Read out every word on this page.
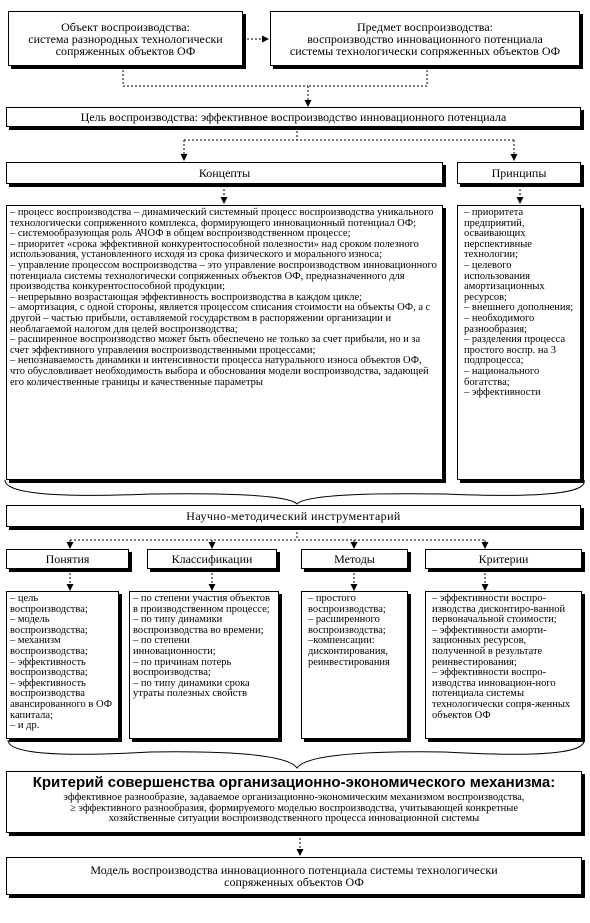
Объект воспроизводства:
система разнородных технологически
сопряженных объектов ОФ
Предмет воспроизводства:
воспроизводство инновационного потенциала
системы технологически сопряженных объектов ОФ
Цель воспроизводства: эффективное воспроизводство инновационного потенциала
Концепты	Принципы
– процесс воспроизводства – динамический системный процесс воспроизводства уникального технологически сопряженного комплекса, формирующего инновационный потенциал ОФ;
– системообразующая роль АЧОФ в общем воспроизводственном процессе;
– приоритет «срока эффективной конкурентоспособной полезности» над сроком полезного использования, установленного исходя из срока физического и морального износа;
– управление процессом воспроизводства – это управление воспроизводством инновационного потенциала системы технологически сопряженных объектов ОФ, предназначенного для производства конкурентоспособной продукции;
– непрерывно возрастающая эффективность воспроизводства в каждом цикле;
– амортизация, с одной стороны, является процессом списания стоимости на объекты ОФ, а с другой – частью прибыли, оставляемой государством в распоряжении организации и необлагаемой налогом для целей воспроизводства;
– расширенное воспроизводство может быть обеспечено не только за счет прибыли, но и за счет эффективного управления воспроизводственными процессами;
– непознаваемость динамики и интенсивности процесса натурального износа объектов ОФ, что обусловливает необходимость выбора и обоснования модели воспроизводства, задающей его количественные границы и качественные параметры
– приоритета предприятий, осваивающих перспективные технологии;
– целевого использования амортизационных ресурсов;
– внешнего дополнения;
– необходимого разнообразия;
– разделения процесса простого воспр. на 3 подпроцесса;
– национального богатства;
– эффективности
Научно-методический инструментарий
Понятия	Классификации	Методы	Критерии
– цель воспроизводства;
– модель воспроизводства;
– механизм воспроизводства;
– эффективность воспроизводства;
– эффективность воспроизводства авансированного в ОФ капитала;
– и др.
– по степени участия объектов в производственном процессе;
– по типу динамики воспроизводства во времени;
– по степени инновационности;
– по причинам потерь воспроизводства;
– по типу динамики срока утраты полезных свойств
– простого воспроизводства;
– расширенного воспроизводства;
–компенсации: дисконтирования, реинвестирования
– эффективности воспро-изводства дисконтиро-ванной первоначальной стоимости;
– эффективности аморти-зационных ресурсов, полученной в результате реинвестирования;
– эффективности воспро-изводства инновацион-ного потенциала системы технологически сопря-женных объектов ОФ
Критерий совершенства организационно-экономического механизма:
эффективное разнообразие, задаваемое организационно-экономическим механизмом воспроизводства,
≥ эффективного разнообразия, формируемого моделью воспроизводства, учитывающей конкретные
хозяйственные ситуации воспроизводственного процесса инновационной системы
Модель воспроизводства инновационного потенциала системы технологически
сопряженных объектов ОФ
